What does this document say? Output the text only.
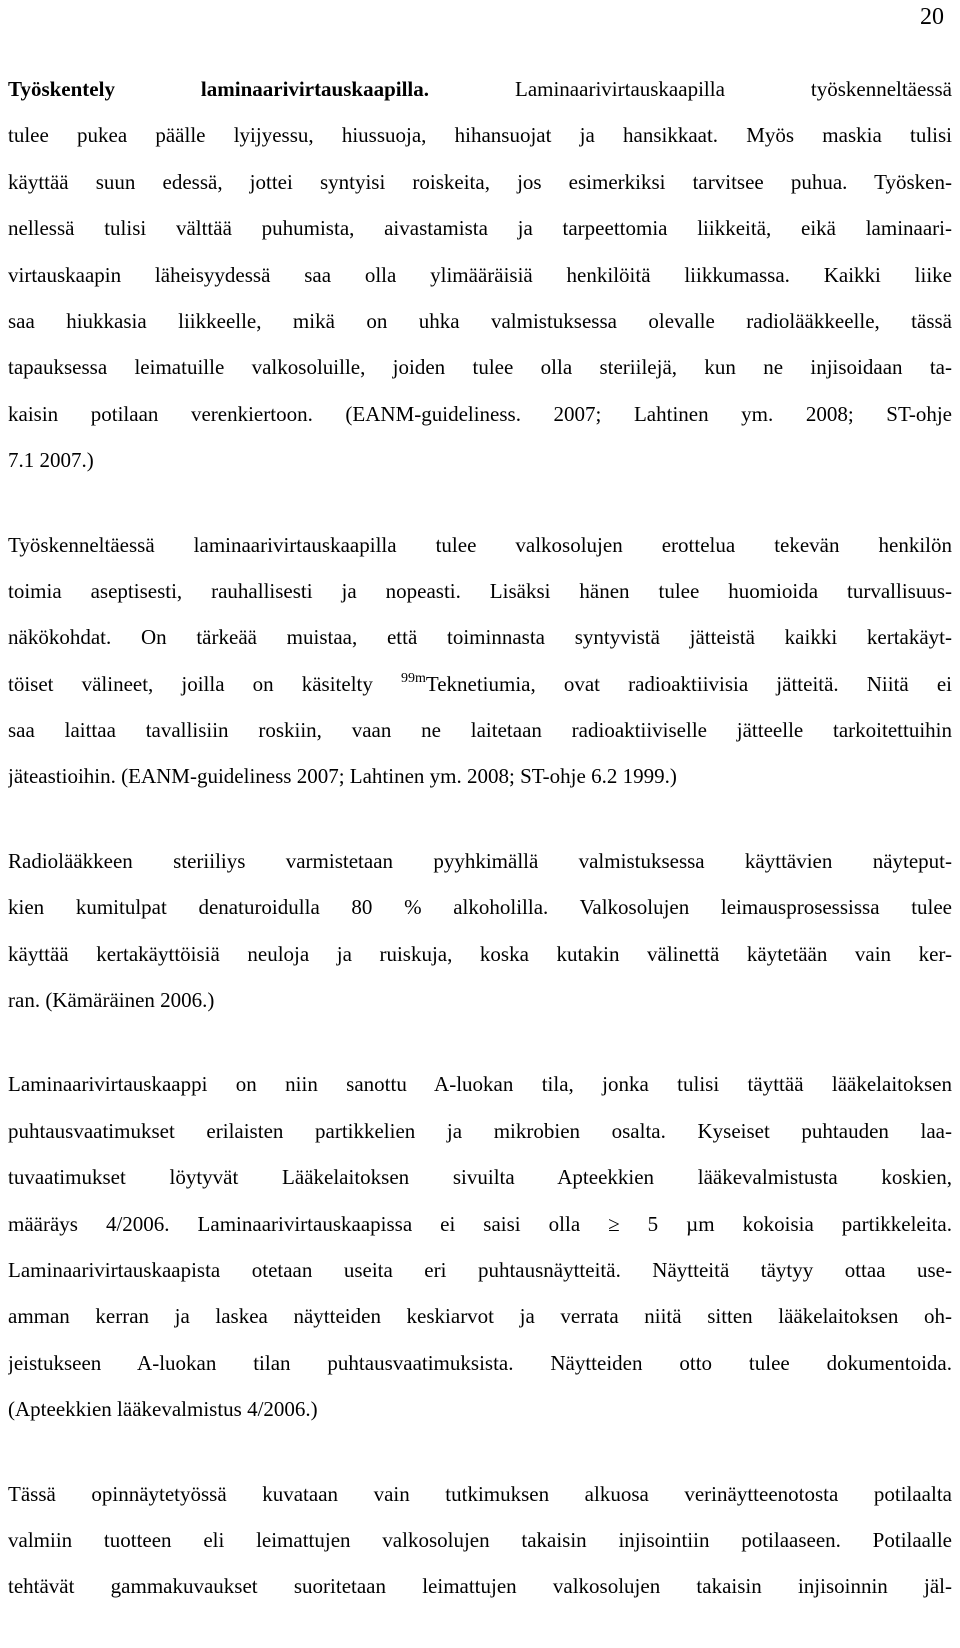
20

Työskentely laminaarivirtauskaapilla. Laminaarivirtauskaapilla työskenneltäessä
tulee pukea päälle lyijyessu, hiussuoja, hihansuojat ja hansikkaat. Myös maskia tulisi
käyttää suun edessä, jottei syntyisi roiskeita, jos esimerkiksi tarvitsee puhua. Työsken-
nellessä tulisi välttää puhumista, aivastamista ja tarpeettomia liikkeitä, eikä laminaari-
virtauskaapin läheisyydessä saa olla ylimääräisiä henkilöitä liikkumassa. Kaikki liike
saa hiukkasia liikkeelle, mikä on uhka valmistuksessa olevalle radiolääkkeelle, tässä
tapauksessa leimatuille valkosoluille, joiden tulee olla steriilejä, kun ne injisoidaan ta-
kaisin potilaan verenkiertoon. (EANM-guideliness. 2007; Lahtinen ym. 2008; ST-ohje
7.1 2007.)

Työskenneltäessä laminaarivirtauskaapilla tulee valkosolujen erottelua tekevän henkilön
toimia aseptisesti, rauhallisesti ja nopeasti. Lisäksi hänen tulee huomioida turvallisuus-
näkökohdat. On tärkeää muistaa, että toiminnasta syntyvistä jätteistä kaikki kertakäyt-
töiset välineet, joilla on käsitelty $^{99m}$Teknetiumia, ovat radioaktiivisia jätteitä. Niitä ei
saa laittaa tavallisiin roskiin, vaan ne laitetaan radioaktiiviselle jätteelle tarkoitettuihin
jäteastioihin. (EANM-guideliness 2007; Lahtinen ym. 2008; ST-ohje 6.2 1999.)

Radiolääkkeen steriiliys varmistetaan pyyhkimällä valmistuksessa käyttävien näyteput-
kien kumitulpat denaturoidulla 80 % alkoholilla. Valkosolujen leimausprosessissa tulee
käyttää kertakäyttöisiä neuloja ja ruiskuja, koska kutakin välinettä käytetään vain ker-
ran. (Kämäräinen 2006.)

Laminaarivirtauskaappi on niin sanottu A-luokan tila, jonka tulisi täyttää lääkelaitoksen
puhtausvaatimukset erilaisten partikkelien ja mikrobien osalta. Kyseiset puhtauden laa-
tuvaatimukset löytyvät Lääkelaitoksen sivuilta Apteekkien lääkevalmistusta koskien,
määräys 4/2006. Laminaarivirtauskaapissa ei saisi olla ≥ 5 µm kokoisia partikkeleita.
Laminaarivirtauskaapista otetaan useita eri puhtausnäytteitä. Näytteitä täytyy ottaa use-
amman kerran ja laskea näytteiden keskiarvot ja verrata niitä sitten lääkelaitoksen oh-
jeistukseen A-luokan tilan puhtausvaatimuksista. Näytteiden otto tulee dokumentoida.
(Apteekkien lääkevalmistus 4/2006.)

Tässä opinnäytetyössä kuvataan vain tutkimuksen alkuosa verinäytteenotosta potilaalta
valmiin tuotteen eli leimattujen valkosolujen takaisin injisointiin potilaaseen. Potilaalle
tehtävät gammakuvaukset suoritetaan leimattujen valkosolujen takaisin injisoinnin jäl-
